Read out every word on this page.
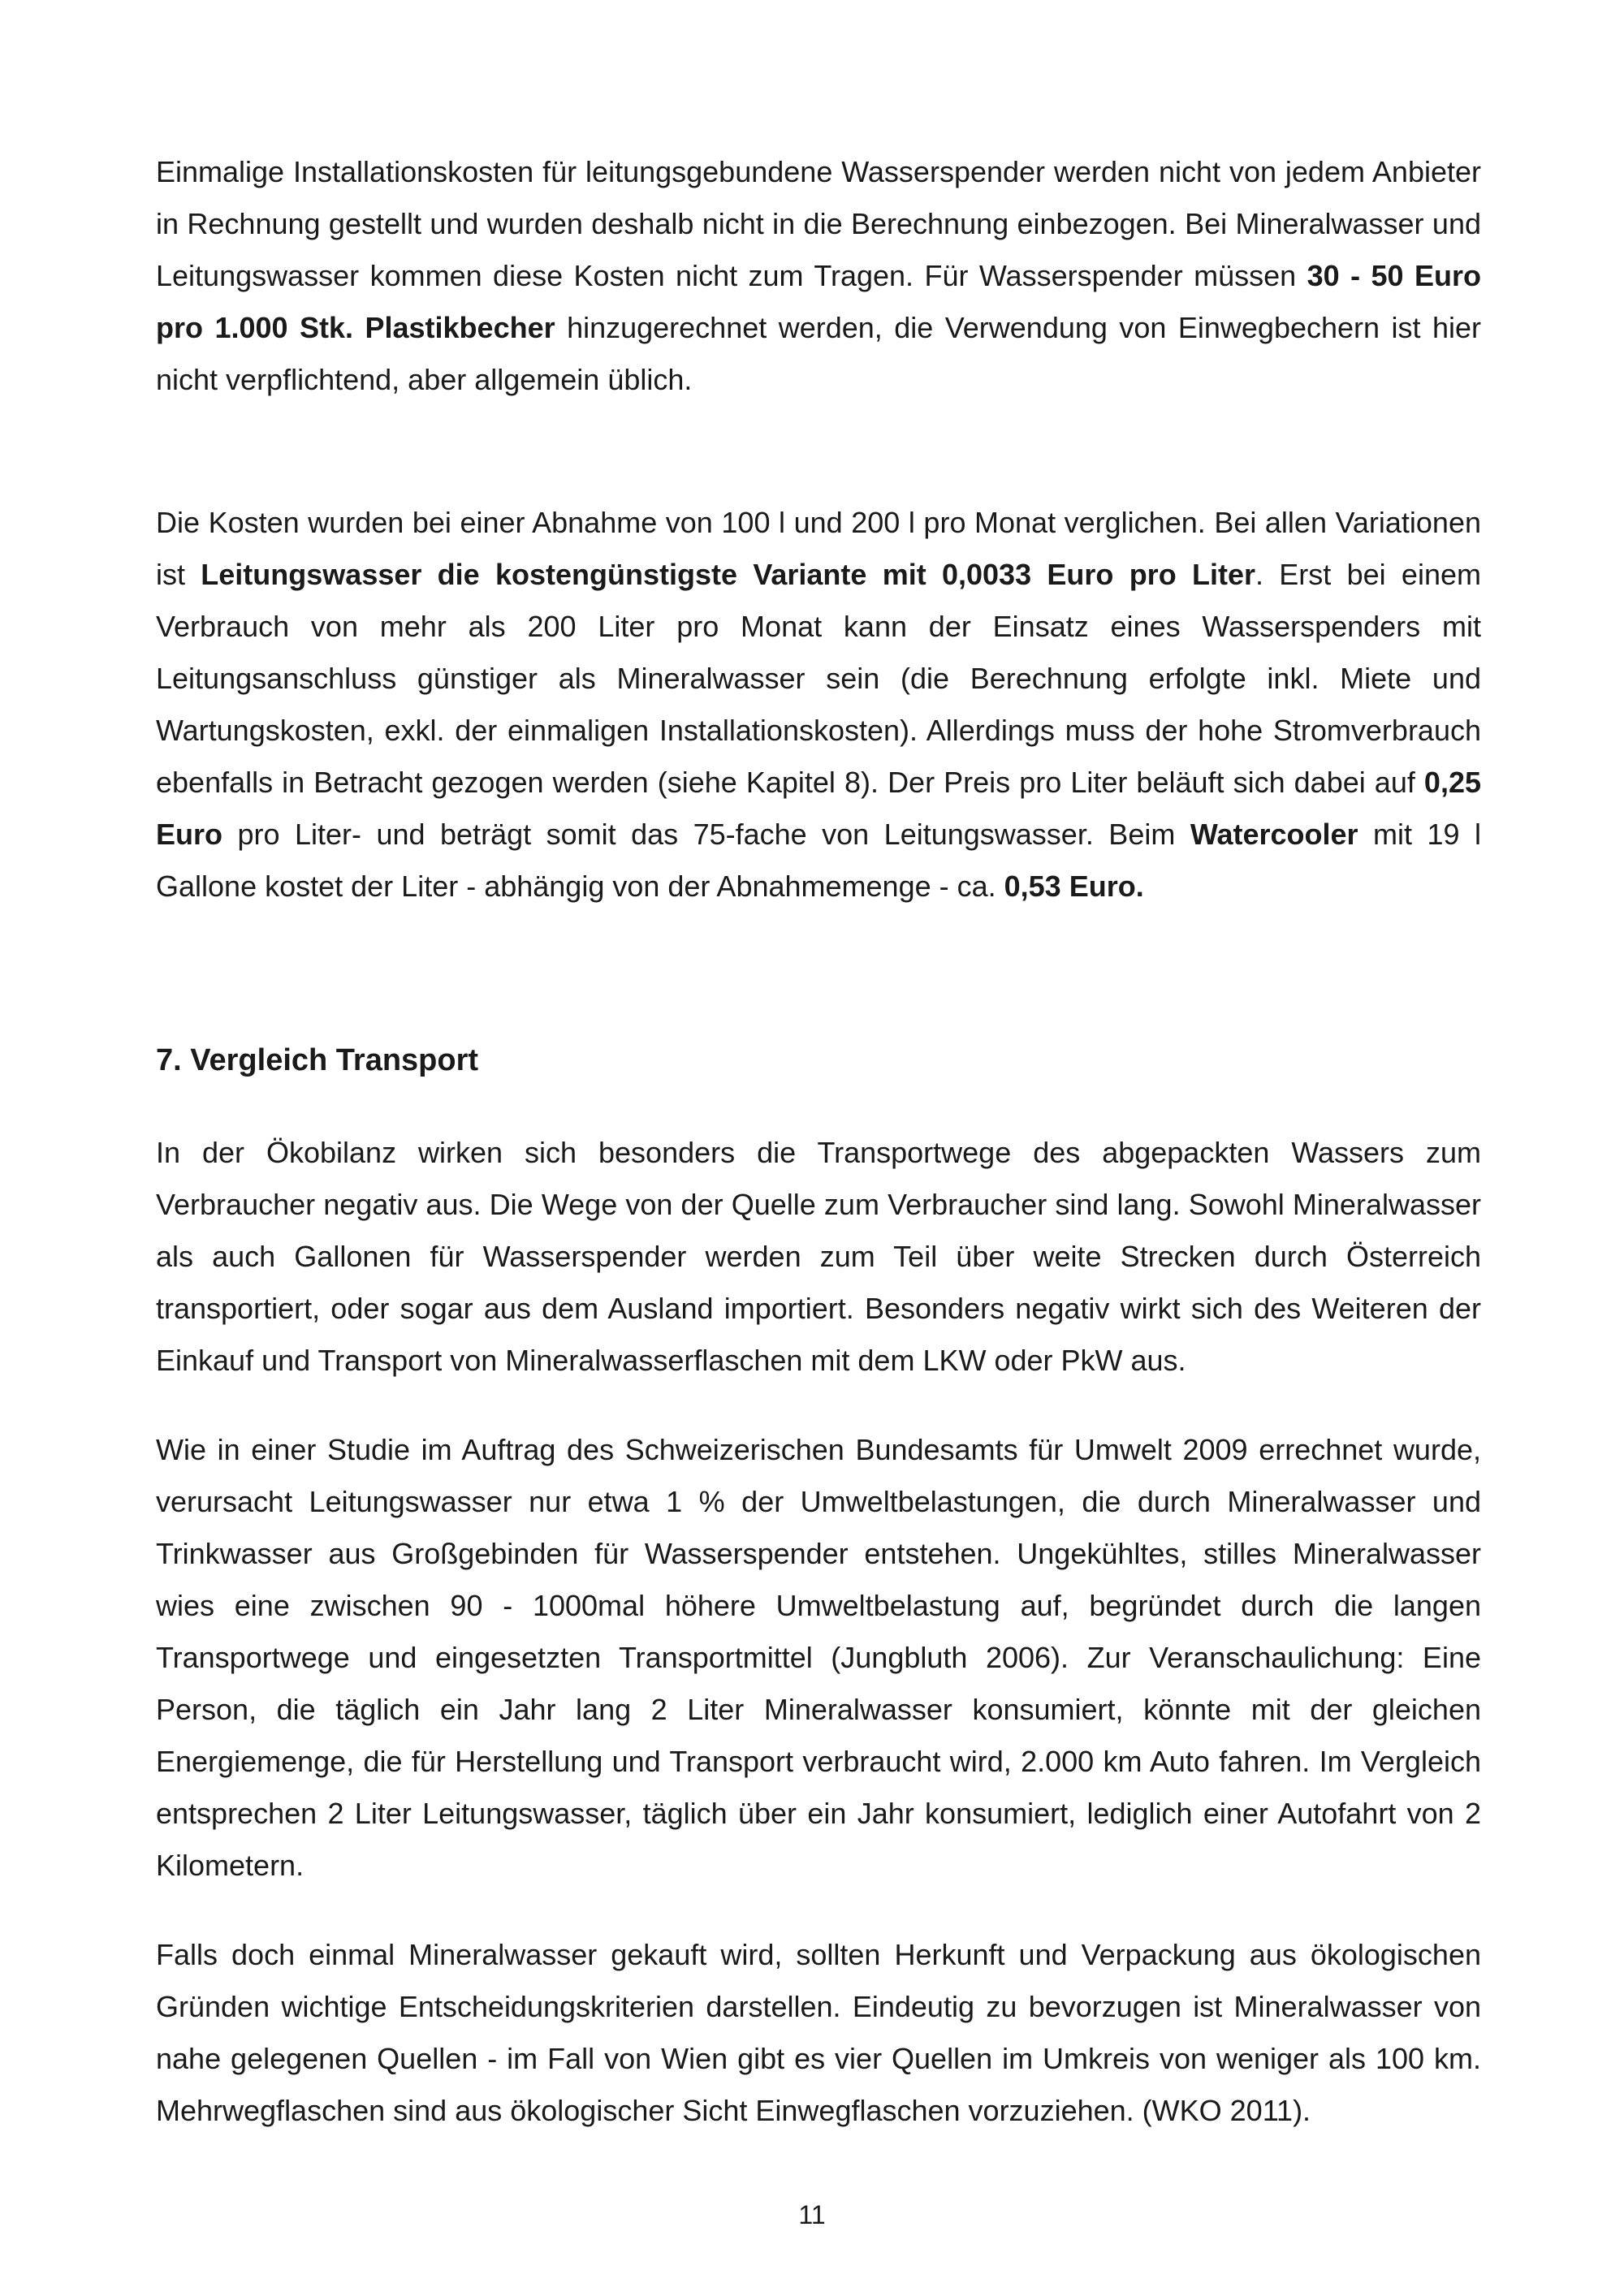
Einmalige Installationskosten für leitungsgebundene Wasserspender werden nicht von jedem Anbieter in Rechnung gestellt und wurden deshalb nicht in die Berechnung einbezogen. Bei Mineralwasser und Leitungswasser kommen diese Kosten nicht zum Tragen. Für Wasserspender müssen 30 - 50 Euro pro 1.000 Stk. Plastikbecher hinzugerechnet werden, die Verwendung von Einwegbechern ist hier nicht verpflichtend, aber allgemein üblich.

Die Kosten wurden bei einer Abnahme von 100 l und 200 l pro Monat verglichen. Bei allen Variationen ist Leitungswasser die kostengünstigste Variante mit 0,0033 Euro pro Liter. Erst bei einem Verbrauch von mehr als 200 Liter pro Monat kann der Einsatz eines Wasserspenders mit Leitungsanschluss günstiger als Mineralwasser sein (die Berechnung erfolgte inkl. Miete und Wartungskosten, exkl. der einmaligen Installationskosten). Allerdings muss der hohe Stromverbrauch ebenfalls in Betracht gezogen werden (siehe Kapitel 8). Der Preis pro Liter beläuft sich dabei auf 0,25 Euro pro Liter- und beträgt somit das 75-fache von Leitungswasser. Beim Watercooler mit 19 l Gallone kostet der Liter - abhängig von der Abnahmemenge - ca. 0,53 Euro.

7. Vergleich Transport

In der Ökobilanz wirken sich besonders die Transportwege des abgepackten Wassers zum Verbraucher negativ aus. Die Wege von der Quelle zum Verbraucher sind lang. Sowohl Mineralwasser als auch Gallonen für Wasserspender werden zum Teil über weite Strecken durch Österreich transportiert, oder sogar aus dem Ausland importiert. Besonders negativ wirkt sich des Weiteren der Einkauf und Transport von Mineralwasserflaschen mit dem LKW oder PkW aus.

Wie in einer Studie im Auftrag des Schweizerischen Bundesamts für Umwelt 2009 errechnet wurde, verursacht Leitungswasser nur etwa 1 % der Umweltbelastungen, die durch Mineralwasser und Trinkwasser aus Großgebinden für Wasserspender entstehen. Ungekühltes, stilles Mineralwasser wies eine zwischen 90 - 1000mal höhere Umweltbelastung auf, begründet durch die langen Transportwege und eingesetzten Transportmittel (Jungbluth 2006). Zur Veranschaulichung: Eine Person, die täglich ein Jahr lang 2 Liter Mineralwasser konsumiert, könnte mit der gleichen Energiemenge, die für Herstellung und Transport verbraucht wird, 2.000 km Auto fahren. Im Vergleich entsprechen 2 Liter Leitungswasser, täglich über ein Jahr konsumiert, lediglich einer Autofahrt von 2 Kilometern.

Falls doch einmal Mineralwasser gekauft wird, sollten Herkunft und Verpackung aus ökologischen Gründen wichtige Entscheidungskriterien darstellen. Eindeutig zu bevorzugen ist Mineralwasser von nahe gelegenen Quellen - im Fall von Wien gibt es vier Quellen im Umkreis von weniger als 100 km. Mehrwegflaschen sind aus ökologischer Sicht Einwegflaschen vorzuziehen. (WKO 2011).

11
